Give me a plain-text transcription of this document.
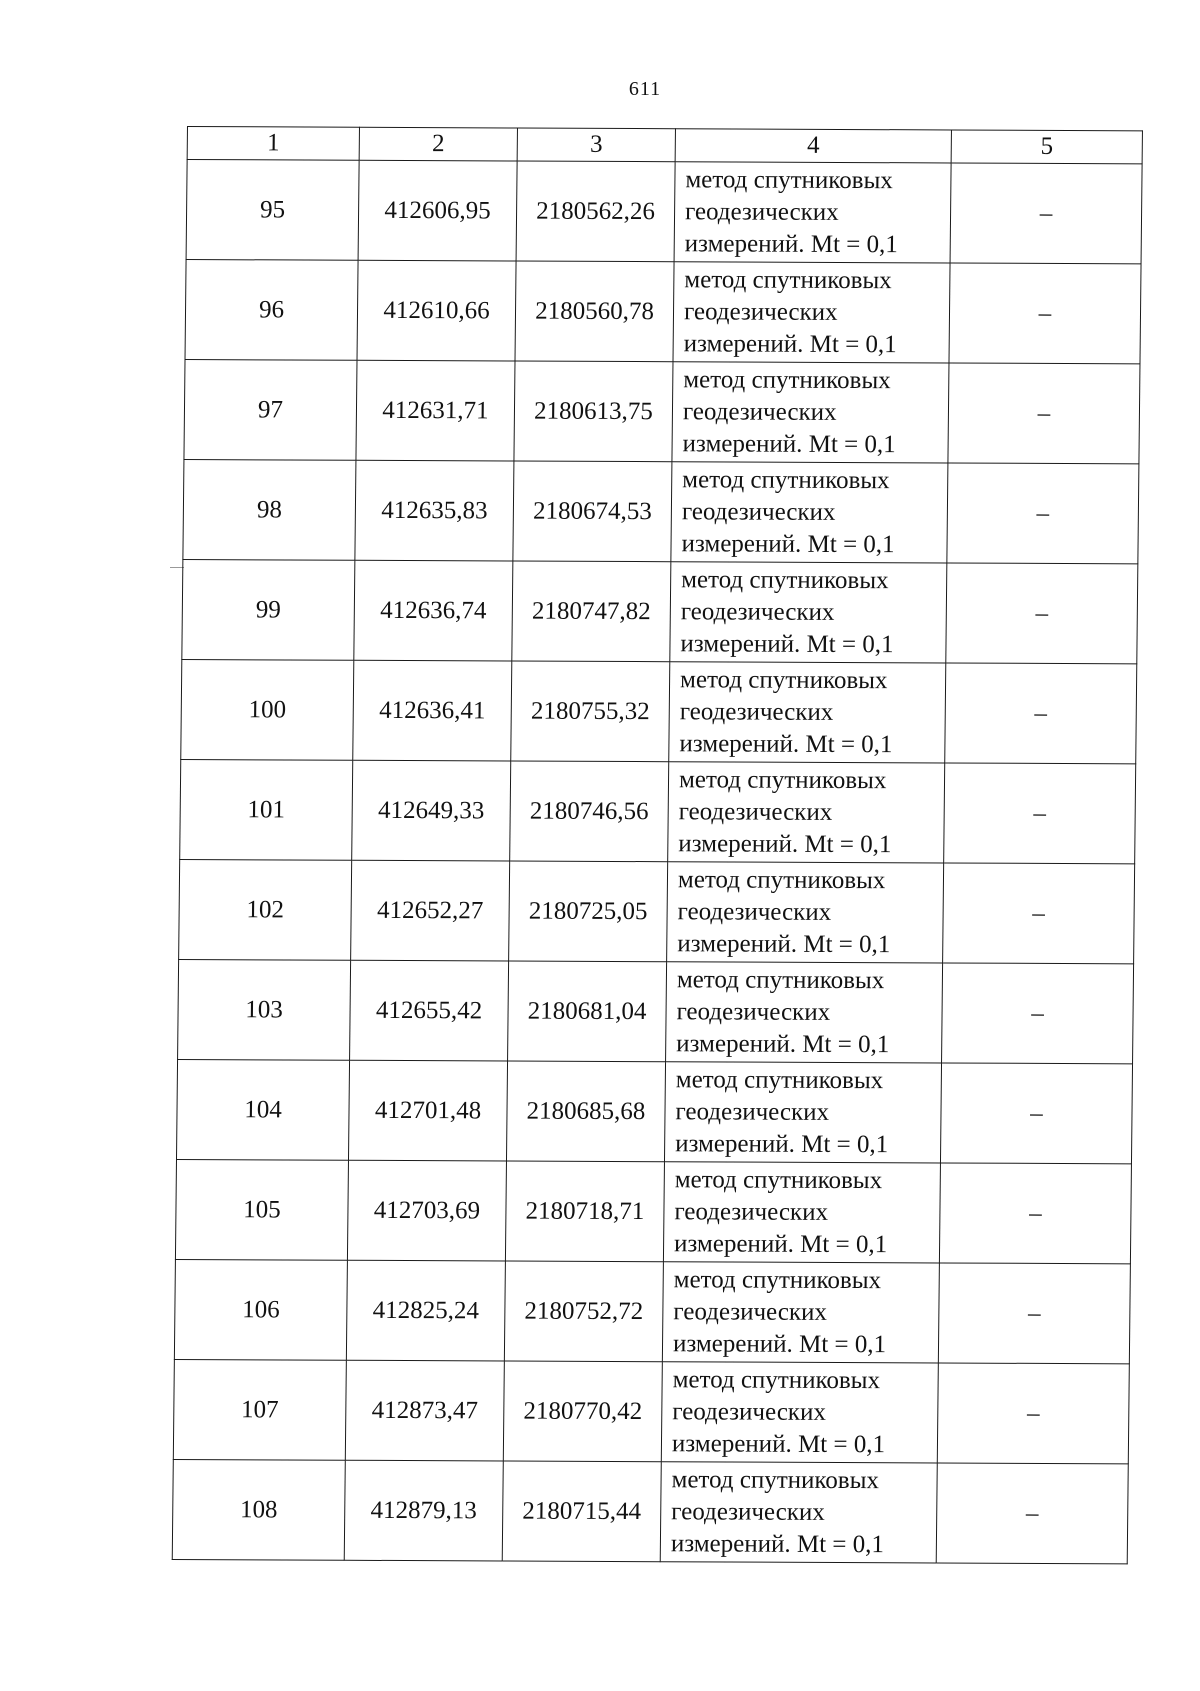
611
1	2	3	4	5
95	412606,95	2180562,26	метод спутниковых
геодезических
измерений. Mt = 0,1	–
96	412610,66	2180560,78	метод спутниковых
геодезических
измерений. Mt = 0,1	–
97	412631,71	2180613,75	метод спутниковых
геодезических
измерений. Mt = 0,1	–
98	412635,83	2180674,53	метод спутниковых
геодезических
измерений. Mt = 0,1	–
99	412636,74	2180747,82	метод спутниковых
геодезических
измерений. Mt = 0,1	–
100	412636,41	2180755,32	метод спутниковых
геодезических
измерений. Mt = 0,1	–
101	412649,33	2180746,56	метод спутниковых
геодезических
измерений. Mt = 0,1	–
102	412652,27	2180725,05	метод спутниковых
геодезических
измерений. Mt = 0,1	–
103	412655,42	2180681,04	метод спутниковых
геодезических
измерений. Mt = 0,1	–
104	412701,48	2180685,68	метод спутниковых
геодезических
измерений. Mt = 0,1	–
105	412703,69	2180718,71	метод спутниковых
геодезических
измерений. Mt = 0,1	–
106	412825,24	2180752,72	метод спутниковых
геодезических
измерений. Mt = 0,1	–
107	412873,47	2180770,42	метод спутниковых
геодезических
измерений. Mt = 0,1	–
108	412879,13	2180715,44	метод спутниковых
геодезических
измерений. Mt = 0,1	–
